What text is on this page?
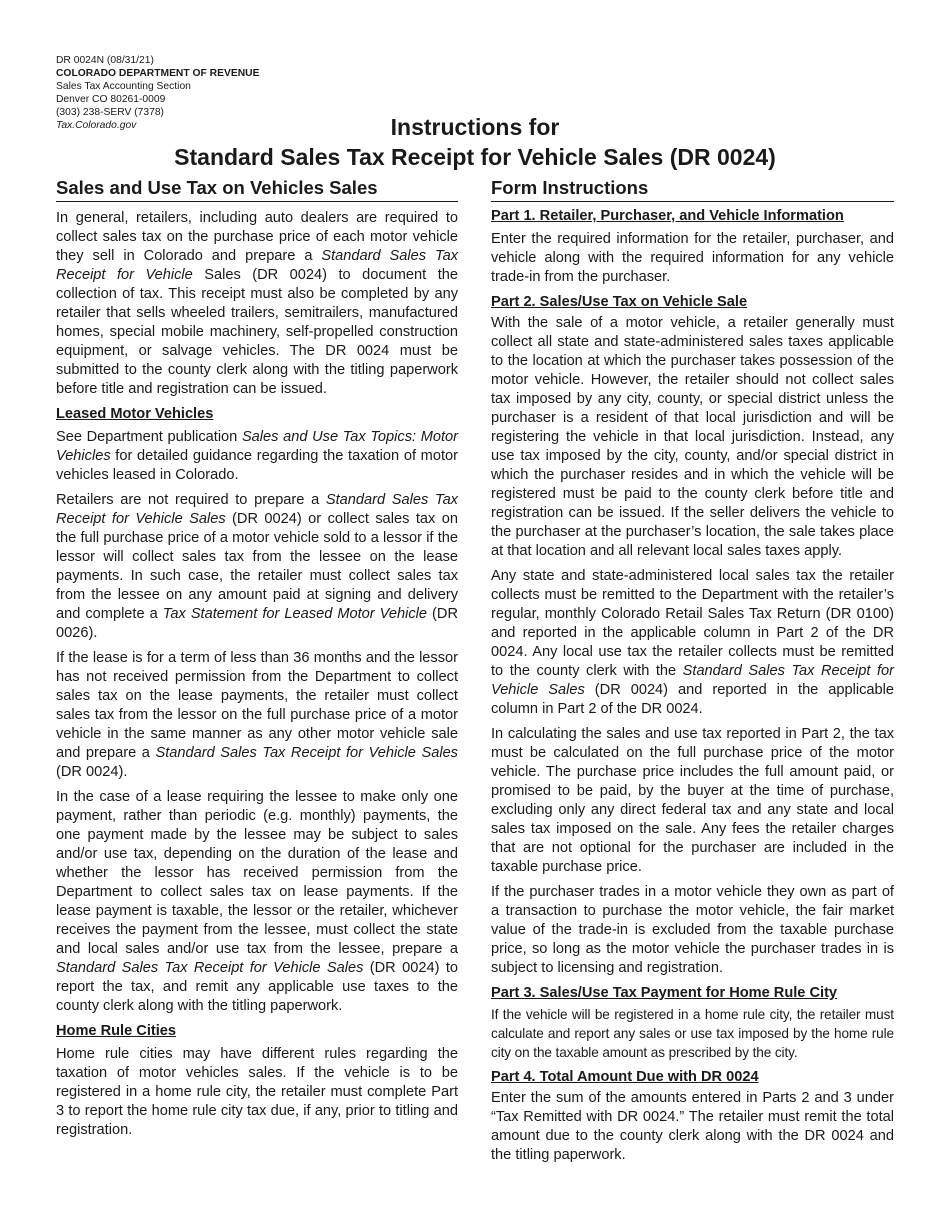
DR 0024N (08/31/21)
COLORADO DEPARTMENT OF REVENUE
Sales Tax Accounting Section
Denver CO 80261-0009
(303) 238-SERV (7378)
Tax.Colorado.gov	Instructions for
Standard Sales Tax Receipt for Vehicle Sales (DR 0024)
Sales and Use Tax on Vehicles Sales

In general, retailers, including auto dealers are required to collect sales tax on the purchase price of each motor vehicle they sell in Colorado and prepare a Standard Sales Tax Receipt for Vehicle Sales (DR 0024) to document the collection of tax. This receipt must also be completed by any retailer that sells wheeled trailers, semitrailers, manufactured homes, special mobile machinery, self-propelled construction equipment, or salvage vehicles. The DR 0024 must be submitted to the county clerk along with the titling paperwork before title and registration can be issued.

Leased Motor Vehicles

See Department publication Sales and Use Tax Topics: Motor Vehicles for detailed guidance regarding the taxation of motor vehicles leased in Colorado.

Retailers are not required to prepare a Standard Sales Tax Receipt for Vehicle Sales (DR 0024) or collect sales tax on the full purchase price of a motor vehicle sold to a lessor if the lessor will collect sales tax from the lessee on the lease payments. In such case, the retailer must collect sales tax from the lessee on any amount paid at signing and delivery and complete a Tax Statement for Leased Motor Vehicle (DR 0026).

If the lease is for a term of less than 36 months and the lessor has not received permission from the Department to collect sales tax on the lease payments, the retailer must collect sales tax from the lessor on the full purchase price of a motor vehicle in the same manner as any other motor vehicle sale and prepare a Standard Sales Tax Receipt for Vehicle Sales (DR 0024).

In the case of a lease requiring the lessee to make only one payment, rather than periodic (e.g. monthly) payments, the one payment made by the lessee may be subject to sales and/or use tax, depending on the duration of the lease and whether the lessor has received permission from the Department to collect sales tax on lease payments. If the lease payment is taxable, the lessor or the retailer, whichever receives the payment from the lessee, must collect the state and local sales and/or use tax from the lessee, prepare a Standard Sales Tax Receipt for Vehicle Sales (DR 0024) to report the tax, and remit any applicable use taxes to the county clerk along with the titling paperwork.

Home Rule Cities

Home rule cities may have different rules regarding the taxation of motor vehicles sales. If the vehicle is to be registered in a home rule city, the retailer must complete Part 3 to report the home rule city tax due, if any, prior to titling and registration.

Form Instructions
Part 1. Retailer, Purchaser, and Vehicle Information

Enter the required information for the retailer, purchaser, and vehicle along with the required information for any vehicle trade-in from the purchaser.

Part 2. Sales/Use Tax on Vehicle Sale

With the sale of a motor vehicle, a retailer generally must collect all state and state-administered sales taxes applicable to the location at which the purchaser takes possession of the motor vehicle. However, the retailer should not collect sales tax imposed by any city, county, or special district unless the purchaser is a resident of that local jurisdiction and will be registering the vehicle in that local jurisdiction. Instead, any use tax imposed by the city, county, and/or special district in which the purchaser resides and in which the vehicle will be registered must be paid to the county clerk before title and registration can be issued. If the seller delivers the vehicle to the purchaser at the purchaser’s location, the sale takes place at that location and all relevant local sales taxes apply.

Any state and state-administered local sales tax the retailer collects must be remitted to the Department with the retailer’s regular, monthly Colorado Retail Sales Tax Return (DR 0100) and reported in the applicable column in Part 2 of the DR 0024. Any local use tax the retailer collects must be remitted to the county clerk with the Standard Sales Tax Receipt for Vehicle Sales (DR 0024) and reported in the applicable column in Part 2 of the DR 0024.

In calculating the sales and use tax reported in Part 2, the tax must be calculated on the full purchase price of the motor vehicle. The purchase price includes the full amount paid, or promised to be paid, by the buyer at the time of purchase, excluding only any direct federal tax and any state and local sales tax imposed on the sale. Any fees the retailer charges that are not optional for the purchaser are included in the taxable purchase price.

If the purchaser trades in a motor vehicle they own as part of a transaction to purchase the motor vehicle, the fair market value of the trade-in is excluded from the taxable purchase price, so long as the motor vehicle the purchaser trades in is subject to licensing and registration.

Part 3. Sales/Use Tax Payment for Home Rule City

If the vehicle will be registered in a home rule city, the retailer must calculate and report any sales or use tax imposed by the home rule city on the taxable amount as prescribed by the city.

Part 4. Total Amount Due with DR 0024

Enter the sum of the amounts entered in Parts 2 and 3 under “Tax Remitted with DR 0024.” The retailer must remit the total amount due to the county clerk along with the DR 0024 and the titling paperwork.
